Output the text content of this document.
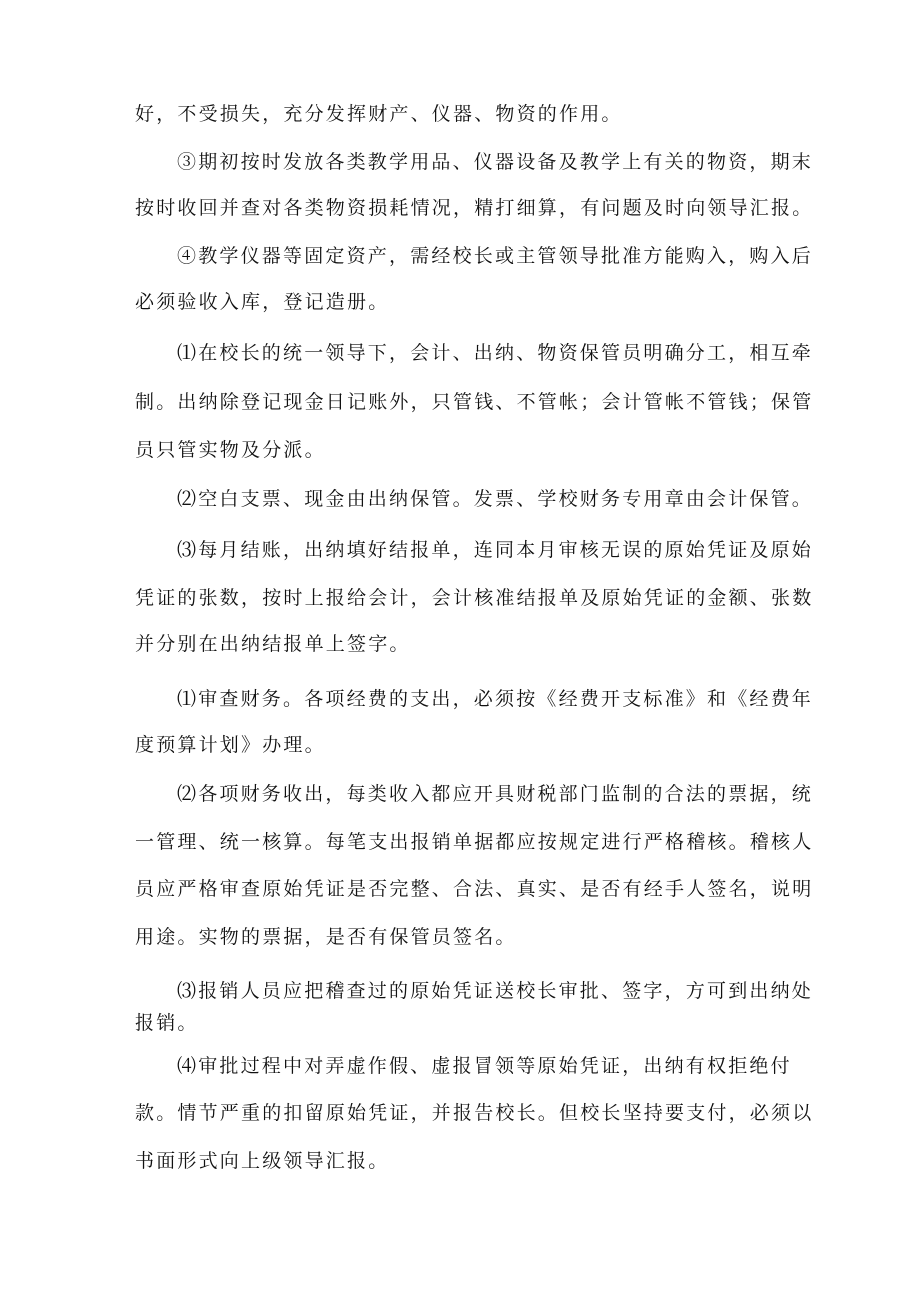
好，不受损失，充分发挥财产、仪器、物资的作用。
③期初按时发放各类教学用品、仪器设备及教学上有关的物资，期末
按时收回并查对各类物资损耗情况，精打细算，有问题及时向领导汇报。
④教学仪器等固定资产，需经校长或主管领导批准方能购入，购入后
必须验收入库，登记造册。
⑴在校长的统一领导下，会计、出纳、物资保管员明确分工，相互牵
制。出纳除登记现金日记账外，只管钱、不管帐；会计管帐不管钱；保管
员只管实物及分派。
⑵空白支票、现金由出纳保管。发票、学校财务专用章由会计保管。
⑶每月结账，出纳填好结报单，连同本月审核无误的原始凭证及原始
凭证的张数，按时上报给会计，会计核准结报单及原始凭证的金额、张数
并分别在出纳结报单上签字。
⑴审查财务。各项经费的支出，必须按《经费开支标准》和《经费年
度预算计划》办理。
⑵各项财务收出，每类收入都应开具财税部门监制的合法的票据，统
一管理、统一核算。每笔支出报销单据都应按规定进行严格稽核。稽核人
员应严格审查原始凭证是否完整、合法、真实、是否有经手人签名，说明
用途。实物的票据，是否有保管员签名。
⑶报销人员应把稽查过的原始凭证送校长审批、签字，方可到出纳处
报销。
⑷审批过程中对弄虚作假、虚报冒领等原始凭证，出纳有权拒绝付
款。情节严重的扣留原始凭证，并报告校长。但校长坚持要支付，必须以
书面形式向上级领导汇报。
